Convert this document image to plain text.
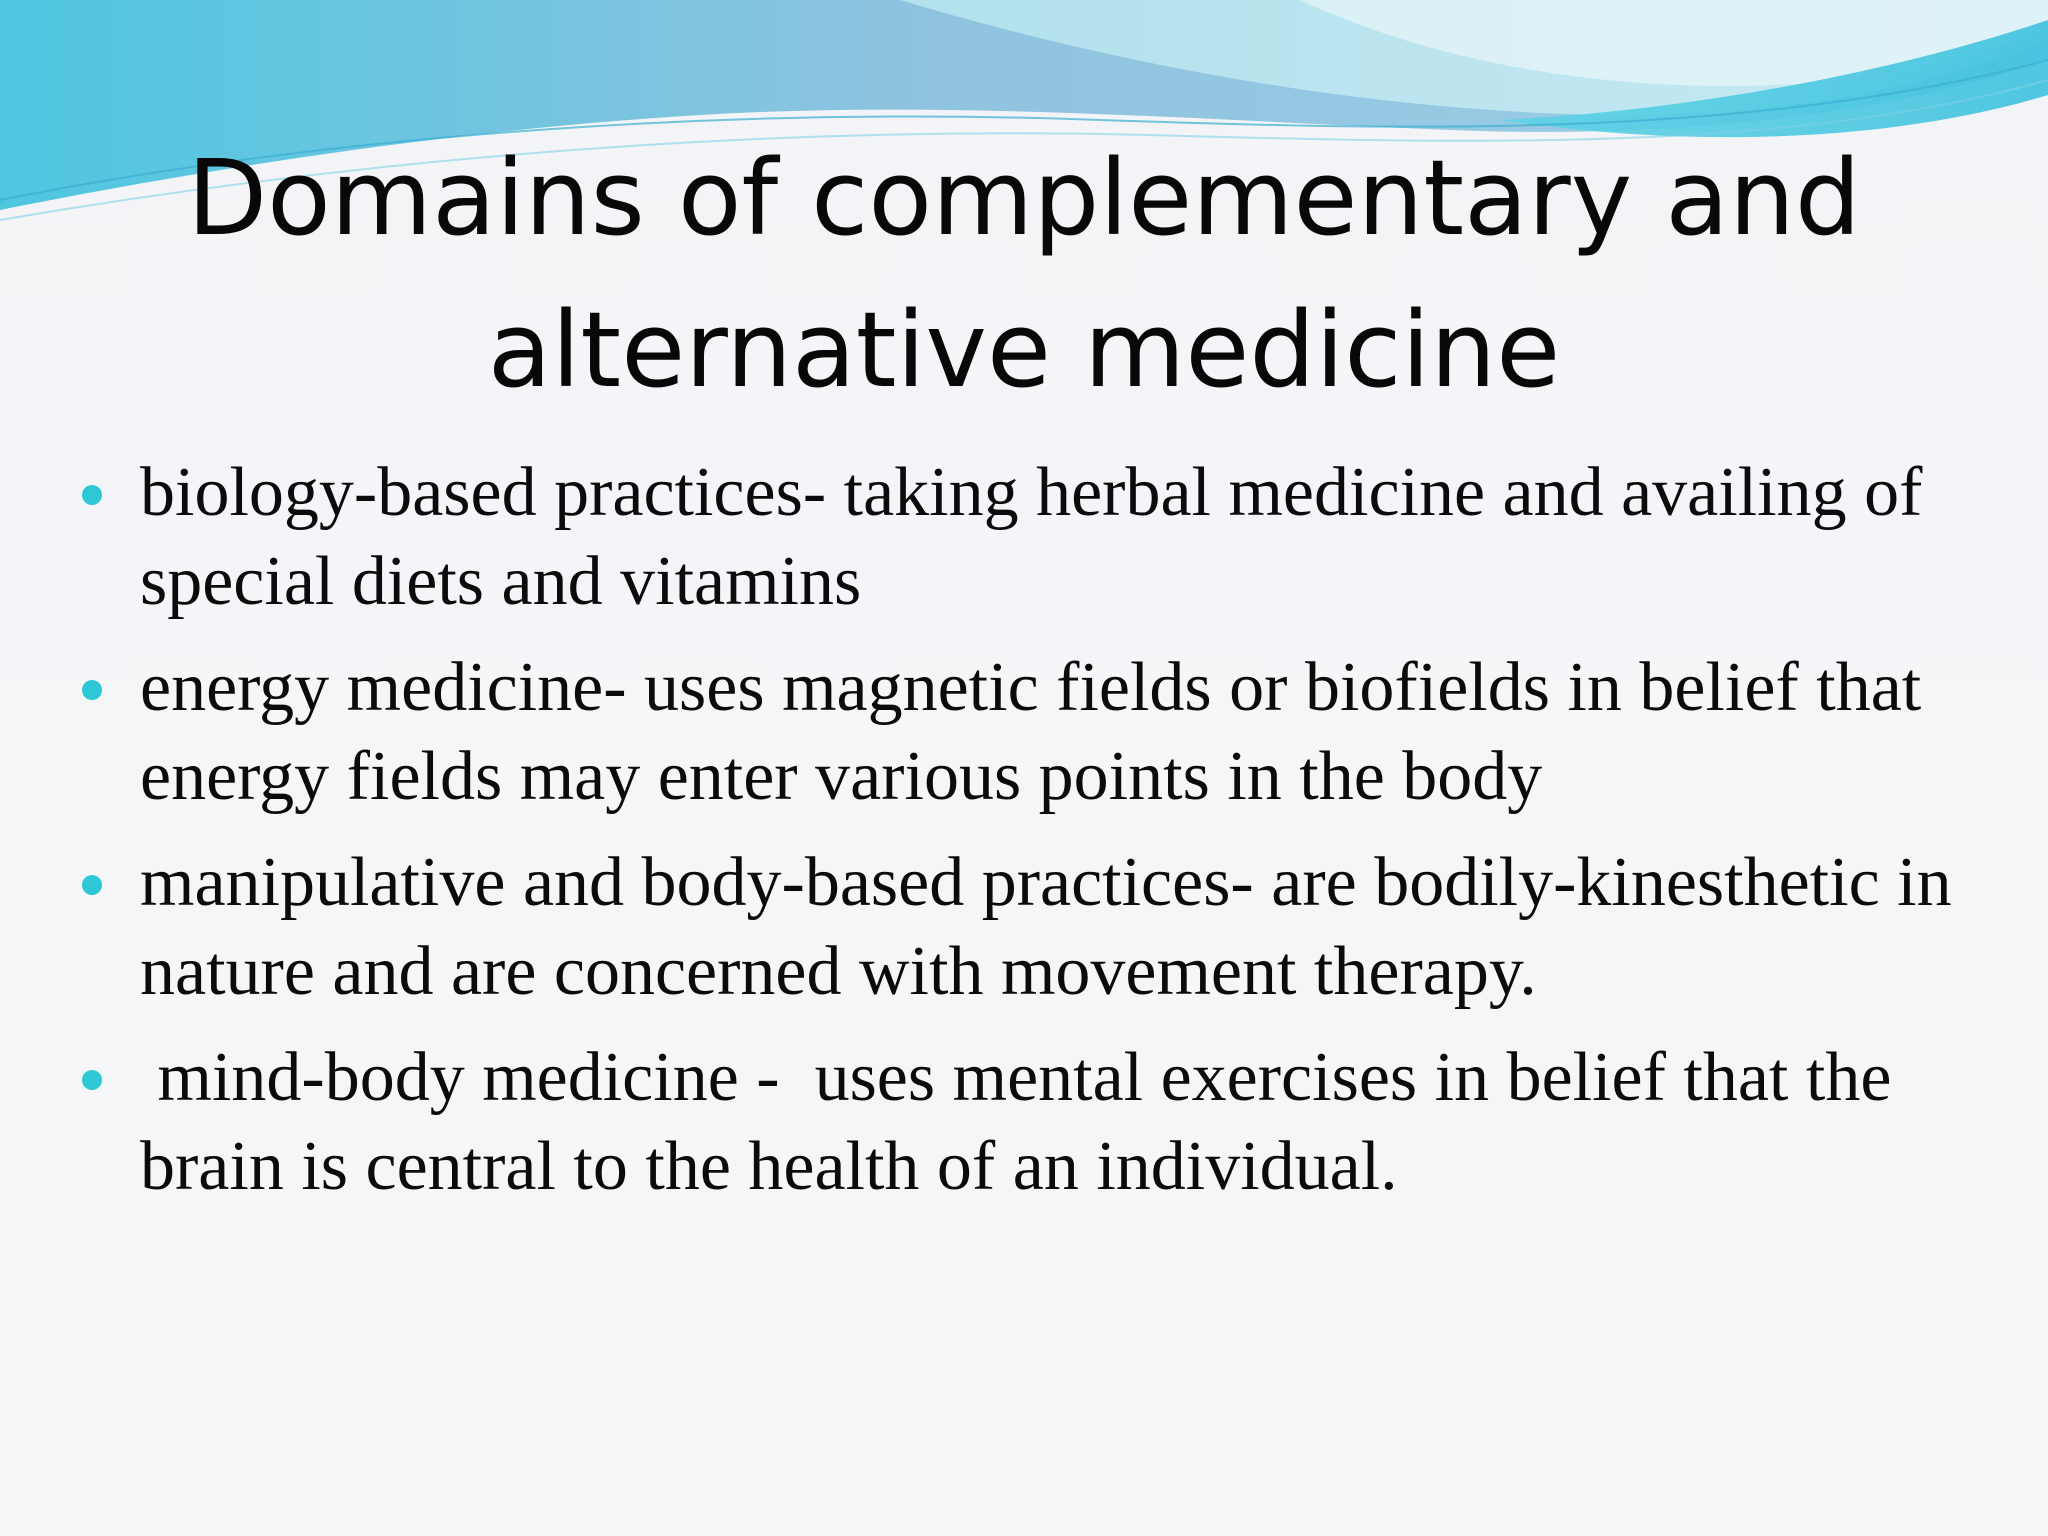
Domains of complementary and alternative medicine
biology-based practices- taking herbal medicine and availing of special diets and vitamins
energy medicine- uses magnetic fields or biofields in belief that energy fields may enter various points in the body
manipulative and body-based practices- are bodily-kinesthetic in nature and are concerned with movement therapy.
mind-body medicine -  uses mental exercises in belief that the brain is central to the health of an individual.
